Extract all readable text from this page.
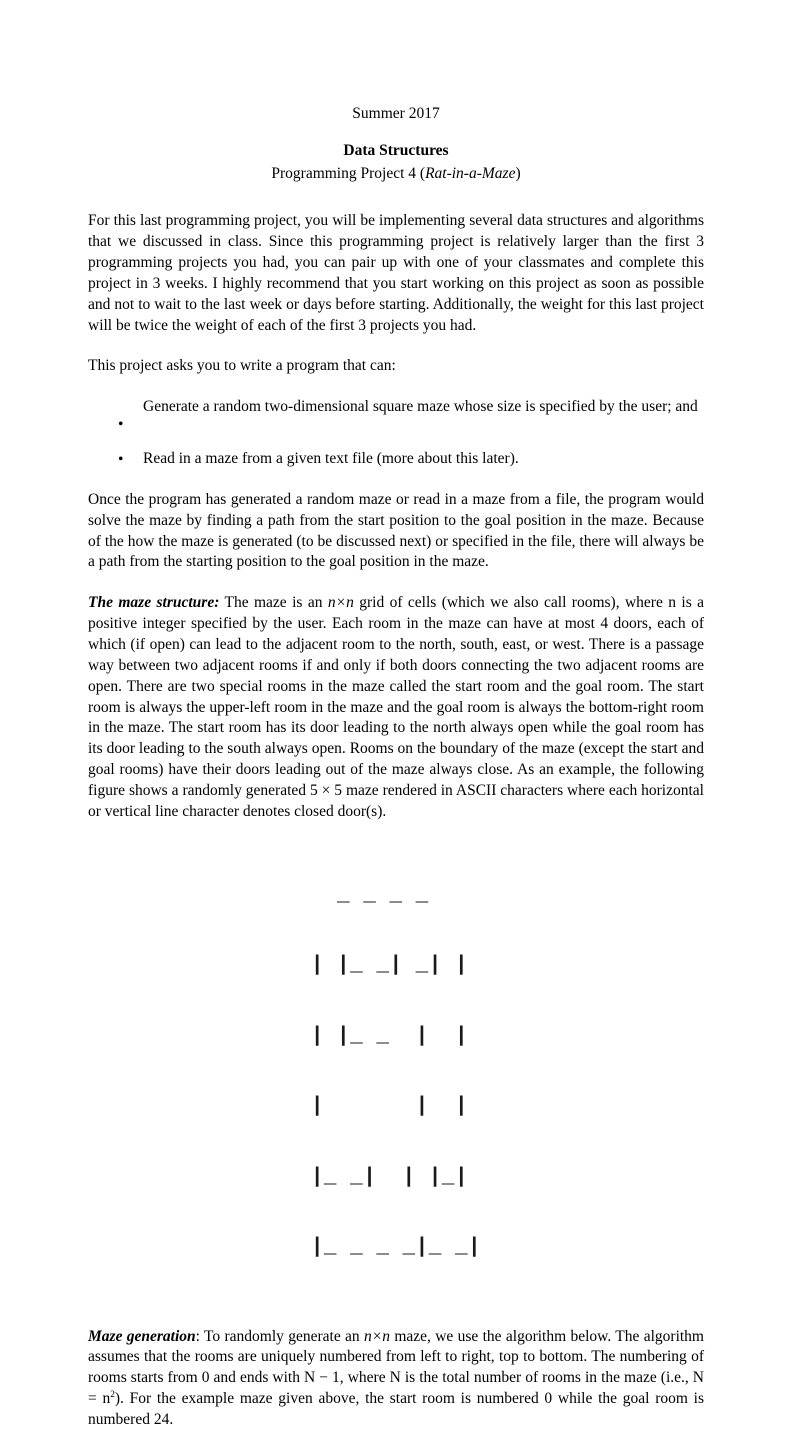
Summer 2017
Data Structures
Programming Project 4 (Rat-in-a-Maze)

For this last programming project, you will be implementing several data structures and algorithms that we discussed in class. Since this programming project is relatively larger than the first 3 programming projects you had, you can pair up with one of your classmates and complete this project in 3 weeks. I highly recommend that you start working on this project as soon as possible and not to wait to the last week or days before starting. Additionally, the weight for this last project will be twice the weight of each of the first 3 projects you had.

This project asks you to write a program that can:

•
Generate a random two-dimensional square maze whose size is specified by the user; and
• Read in a maze from a given text file (more about this later).

Once the program has generated a random maze or read in a maze from a file, the program would solve the maze by finding a path from the start position to the goal position in the maze. Because of the how the maze is generated (to be discussed next) or specified in the file, there will always be a path from the starting position to the goal position in the maze.

The maze structure: The maze is an n×n grid of cells (which we also call rooms), where n is a positive integer specified by the user. Each room in the maze can have at most 4 doors, each of which (if open) can lead to the adjacent room to the north, south, east, or west. There is a passage way between two adjacent rooms if and only if both doors connecting the two adjacent rooms are open. There are two special rooms in the maze called the start room and the goal room. The start room is always the upper-left room in the maze and the goal room is always the bottom-right room in the maze. The start room has its door leading to the north always open while the goal room has its door leading to the south always open. Rooms on the boundary of the maze (except the start and goal rooms) have their doors leading out of the maze always close. As an example, the following figure shows a randomly generated 5 × 5 maze rendered in ASCII characters where each horizontal or vertical line character denotes closed door(s).

_ _ _ _

| |_ _| _| |

| |_ _  |  |

|       |  |

|_ _|  | |_|

|_ _ _ _|_ _|

Maze generation: To randomly generate an n×n maze, we use the algorithm below. The algorithm assumes that the rooms are uniquely numbered from left to right, top to bottom. The numbering of rooms starts from 0 and ends with N − 1, where N is the total number of rooms in the maze (i.e., $N = n^2$). For the example maze given above, the start room is numbered 0 while the goal room is numbered 24.
